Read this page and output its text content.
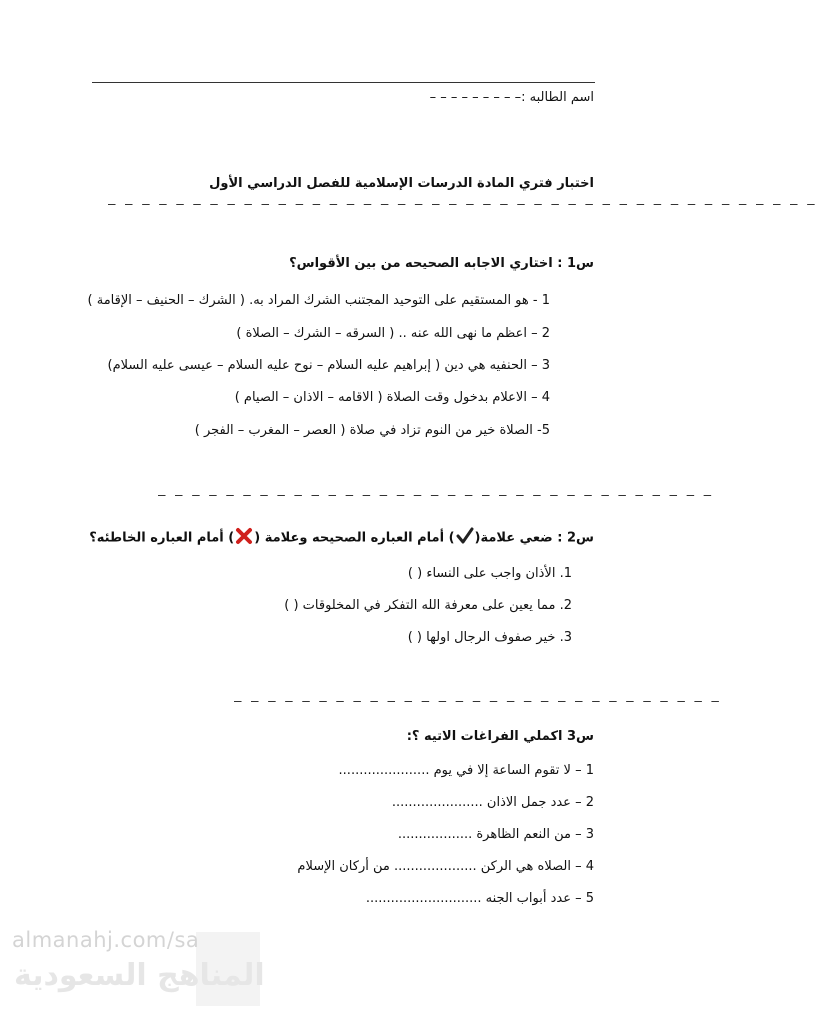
اسم الطالبه :– – – – – – – – –
اختبار فتري المادة الدرسات الإسلامية للفصل الدراسي الأول
– – – – – – – – – – – – – – – – – – – – – – – – – – – – – – – – – – – – – – – – – –
س1 : اختاري الاجابه الصحيحه من بين الأقواس؟
1 - هو المستقيم على التوحيد المجتنب الشرك المراد به. ( الشرك – الحنيف – الإقامة )
2 – اعظم ما نهى الله عنه .. ( السرقه – الشرك – الصلاة )
3 – الحنفيه هي دين ( إبراهيم عليه السلام – نوح عليه السلام – عيسى عليه السلام)
4 – الاعلام بدخول وقت الصلاة ( الاقامه – الاذان – الصيام )
5- الصلاة خير من النوم تزاد في صلاة ( العصر – المغرب – الفجر )
– – – – – – – – – – – – – – – – – – – – – – – – – – – – – – – – –
س2 : ضعي علامة() أمام العباره الصحيحه وعلامة () أمام العباره الخاطئه؟
1. الأذان واجب على النساء ( )
2. مما يعين على معرفة الله التفكر في المخلوقات ( )
3. خير صفوف الرجال اولها ( )
– – – – – – – – – – – – – – – – – – – – – – – – – – – – –
س3 اكملي الفراغات الاتيه ؟:
1 – لا تقوم الساعة إلا في يوم ......................
2 – عدد جمل الاذان ......................
3 – من النعم الظاهرة ..................
4 – الصلاه هي الركن .................... من أركان الإسلام
5 – عدد أبواب الجنه ............................
almanahj.com/sa
المناهج السعودية
